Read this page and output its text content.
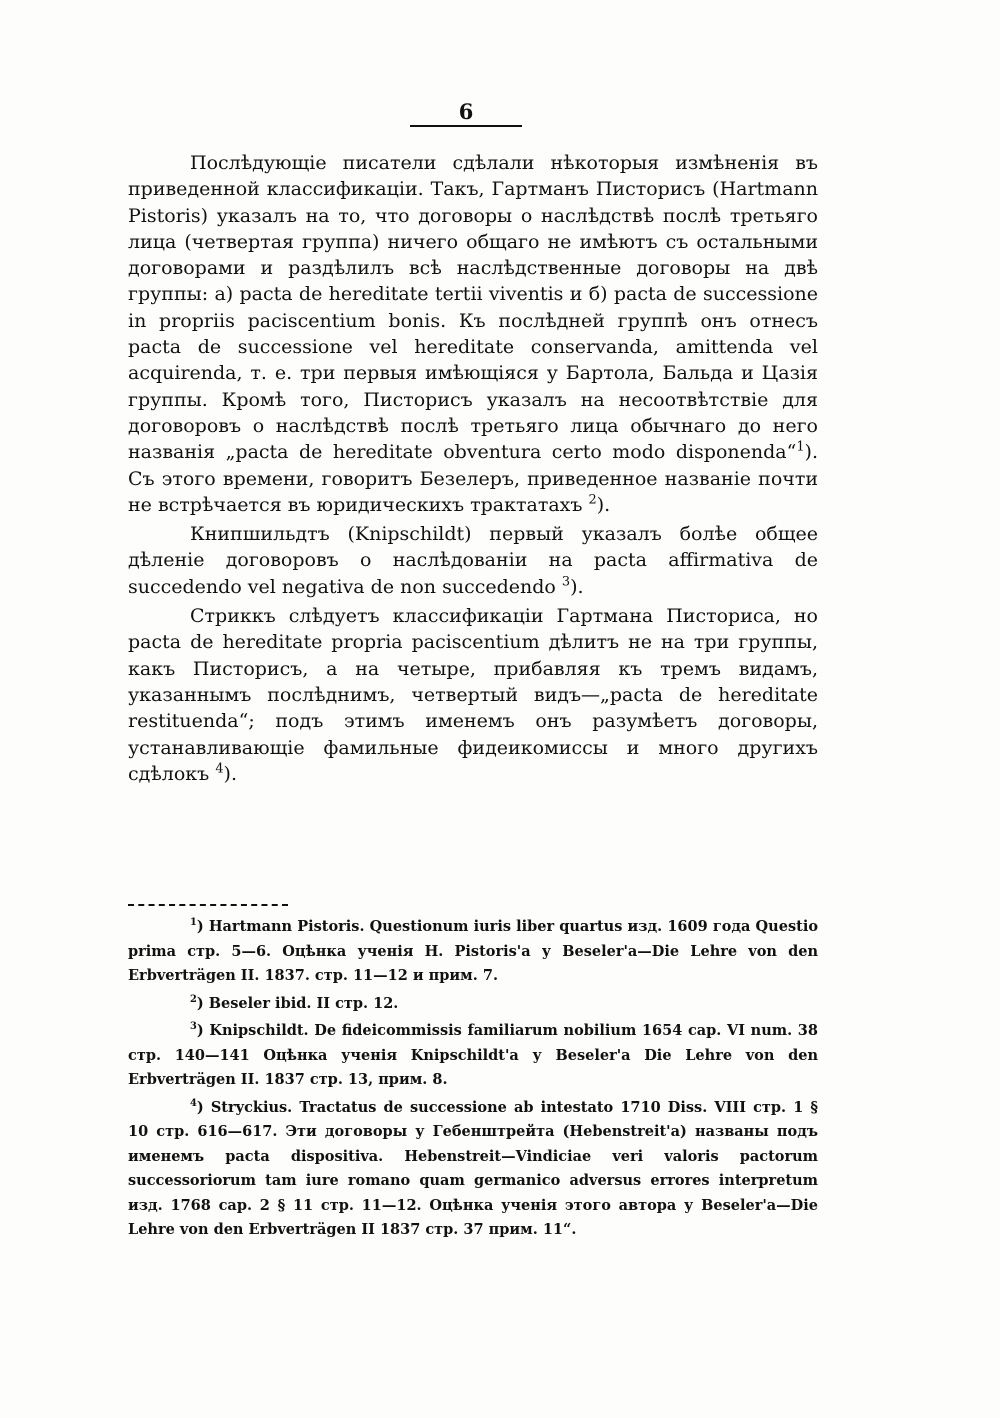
6

Послѣдующіе писатели сдѣлали нѣкоторыя измѣненія въ приведенной классификаціи. Такъ, Гартманъ Писторисъ (Hartmann Pistoris) указалъ на то, что договоры о наслѣдствѣ послѣ третьяго лица (четвертая группа) ничего общаго не имѣютъ съ остальными договорами и раздѣлилъ всѣ наслѣдственные договоры на двѣ группы: a) pacta de hereditate tertii viventis и б) pacta de successione in propriis paciscentium bonis. Къ послѣдней группѣ онъ отнесъ pacta de successione vel hereditate conservanda, amittenda vel acquirenda, т. е. три первыя имѣющіяся у Бартола, Бальда и Цазія группы. Кромѣ того, Писторисъ указалъ на несоотвѣтствіе для договоровъ о наслѣдствѣ послѣ третьяго лица обычнаго до него названія „pacta de hereditate obventura certo modo disponenda“$^1$). Съ этого времени, говоритъ Безелеръ, приведенное названіе почти не встрѣчается въ юридическихъ трактатахъ $^2$).

Книпшильдтъ (Knipschildt) первый указалъ болѣе общее дѣленіе договоровъ о наслѣдованіи на pacta affirmativa de succedendo vel negativa de non succedendo $^3$).

Стриккъ слѣдуетъ классификаціи Гартмана Писториса, но pacta de hereditate propria paciscentium дѣлитъ не на три группы, какъ Писторисъ, а на четыре, прибавляя къ тремъ видамъ, указаннымъ послѣднимъ, четвертый видъ—„pacta de hereditate restituenda“; подъ этимъ именемъ онъ разумѣетъ договоры, устанавливающіе фамильные фидеикомиссы и много другихъ сдѣлокъ $^4$).

$^1$) Hartmann Pistoris. Questionum iuris liber quartus изд. 1609 года Questio prima стр. 5—6. Оцѣнка ученія H. Pistoris'а у Beseler'а—Die Lehre von den Erbverträgen II. 1837. стр. 11—12 и прим. 7.

$^2$) Beseler ibid. II стр. 12.

$^3$) Knipschildt. De fideicommissis familiarum nobilium 1654 cap. VI num. 38 стр. 140—141 Оцѣнка ученія Knipschildt'а у Beseler'а Die Lehre von den Erbverträgen II. 1837 стр. 13, прим. 8.

$^4$) Stryckius. Tractatus de successione ab intestato 1710 Diss. VIII стр. 1 § 10 стр. 616—617. Эти договоры у Гебенштрейта (Hebenstreit'а) названы подъ именемъ pacta dispositiva. Hebenstreit—Vindiciae veri valoris pactorum successoriorum tam iure romano quam germanico adversus errores interpretum изд. 1768 cap. 2 § 11 стр. 11—12. Оцѣнка ученія этого автора у Beseler'а—Die Lehre von den Erbverträgen II 1837 стр. 37 прим. 11“.
